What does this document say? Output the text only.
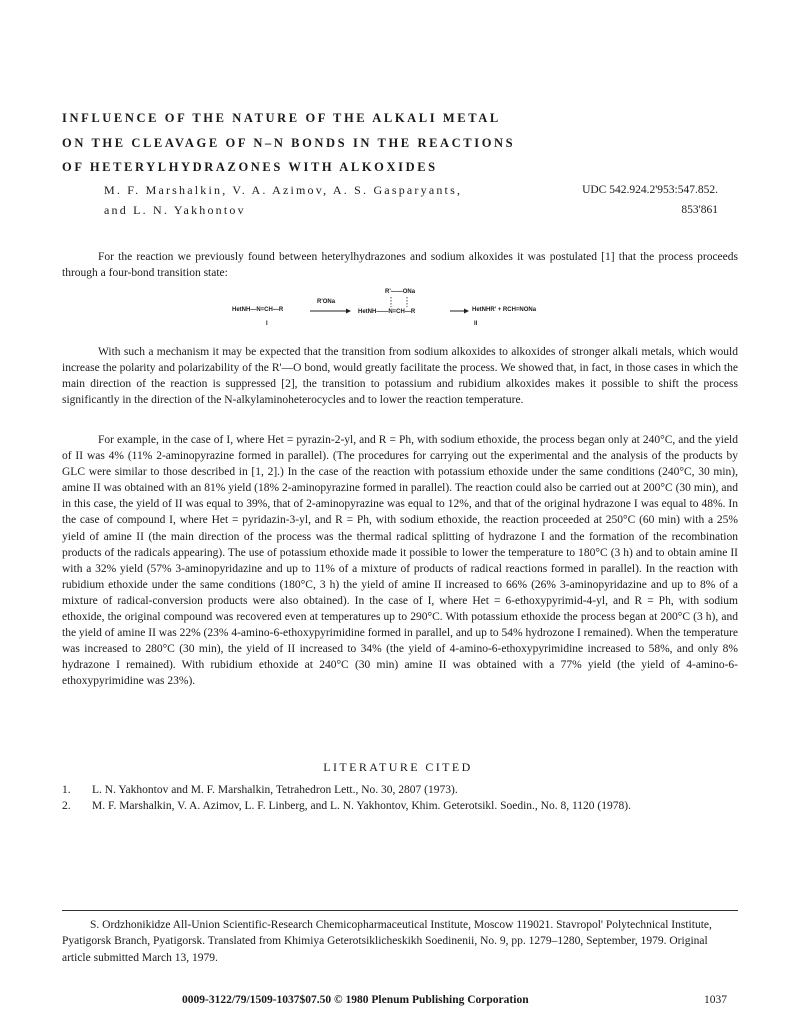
INFLUENCE OF THE NATURE OF THE ALKALI METAL
ON THE CLEAVAGE OF N–N BONDS IN THE REACTIONS
OF HETERYLHYDRAZONES WITH ALKOXIDES
M. F. Marshalkin, V. A. Azimov, A. S. Gasparyants,
and L. N. Yakhontov
UDC 542.924.2'953:547.852.
853'861
For the reaction we previously found between heterylhydrazones and sodium alkoxides it was postulated [1] that the process proceeds through a four-bond transition state:
HetNH—N=CH—R
R'ONa
R'——ONa
HetNH——N=CH—R	HetNHR' + RCH=NONa
I	II
With such a mechanism it may be expected that the transition from sodium alkoxides to alkoxides of stronger alkali metals, which would increase the polarity and polarizability of the R'—O bond, would greatly facilitate the process. We showed that, in fact, in those cases in which the main direction of the reaction is suppressed [2], the transition to potassium and rubidium alkoxides makes it possible to shift the process significantly in the direction of the N-alkylaminoheterocycles and to lower the reaction temperature.
For example, in the case of I, where Het = pyrazin-2-yl, and R = Ph, with sodium ethoxide, the process began only at 240°C, and the yield of II was 4% (11% 2-aminopyrazine formed in parallel). (The procedures for carrying out the experimental and the analysis of the products by GLC were similar to those described in [1, 2].) In the case of the reaction with potassium ethoxide under the same conditions (240°C, 30 min), amine II was obtained with an 81% yield (18% 2-aminopyrazine formed in parallel). The reaction could also be carried out at 200°C (30 min), and in this case, the yield of II was equal to 39%, that of 2-aminopyrazine was equal to 12%, and that of the original hydrazone I was equal to 48%. In the case of compound I, where Het = pyridazin-3-yl, and R = Ph, with sodium ethoxide, the reaction proceeded at 250°C (60 min) with a 25% yield of amine II (the main direction of the process was the thermal radical splitting of hydrazone I and the formation of the recombination products of the radicals appearing). The use of potassium ethoxide made it possible to lower the temperature to 180°C (3 h) and to obtain amine II with a 32% yield (57% 3-aminopyridazine and up to 11% of a mixture of products of radical reactions formed in parallel). In the reaction with rubidium ethoxide under the same conditions (180°C, 3 h) the yield of amine II increased to 66% (26% 3-aminopyridazine and up to 8% of a mixture of radical-conversion products were also obtained). In the case of I, where Het = 6-ethoxypyrimid-4-yl, and R = Ph, with sodium ethoxide, the original compound was recovered even at temperatures up to 290°C. With potassium ethoxide the process began at 200°C (3 h), and the yield of amine II was 22% (23% 4-amino-6-ethoxypyrimidine formed in parallel, and up to 54% hydrozone I remained). When the temperature was increased to 280°C (30 min), the yield of II increased to 34% (the yield of 4-amino-6-ethoxypyrimidine increased to 58%, and only 8% hydrazone I remained). With rubidium ethoxide at 240°C (30 min) amine II was obtained with a 77% yield (the yield of 4-amino-6-ethoxypyrimidine was 23%).
LITERATURE CITED
1. L. N. Yakhontov and M. F. Marshalkin, Tetrahedron Lett., No. 30, 2807 (1973).
2. M. F. Marshalkin, V. A. Azimov, L. F. Linberg, and L. N. Yakhontov, Khim. Geterotsikl. Soedin., No. 8, 1120 (1978).
S. Ordzhonikidze All-Union Scientific-Research Chemicopharmaceutical Institute, Moscow 119021. Stavropol' Polytechnical Institute, Pyatigorsk Branch, Pyatigorsk. Translated from Khimiya Geterotsiklicheskikh Soedinenii, No. 9, pp. 1279–1280, September, 1979. Original article submitted March 13, 1979.
0009-3122/79/1509-1037$07.50 © 1980 Plenum Publishing Corporation	1037
